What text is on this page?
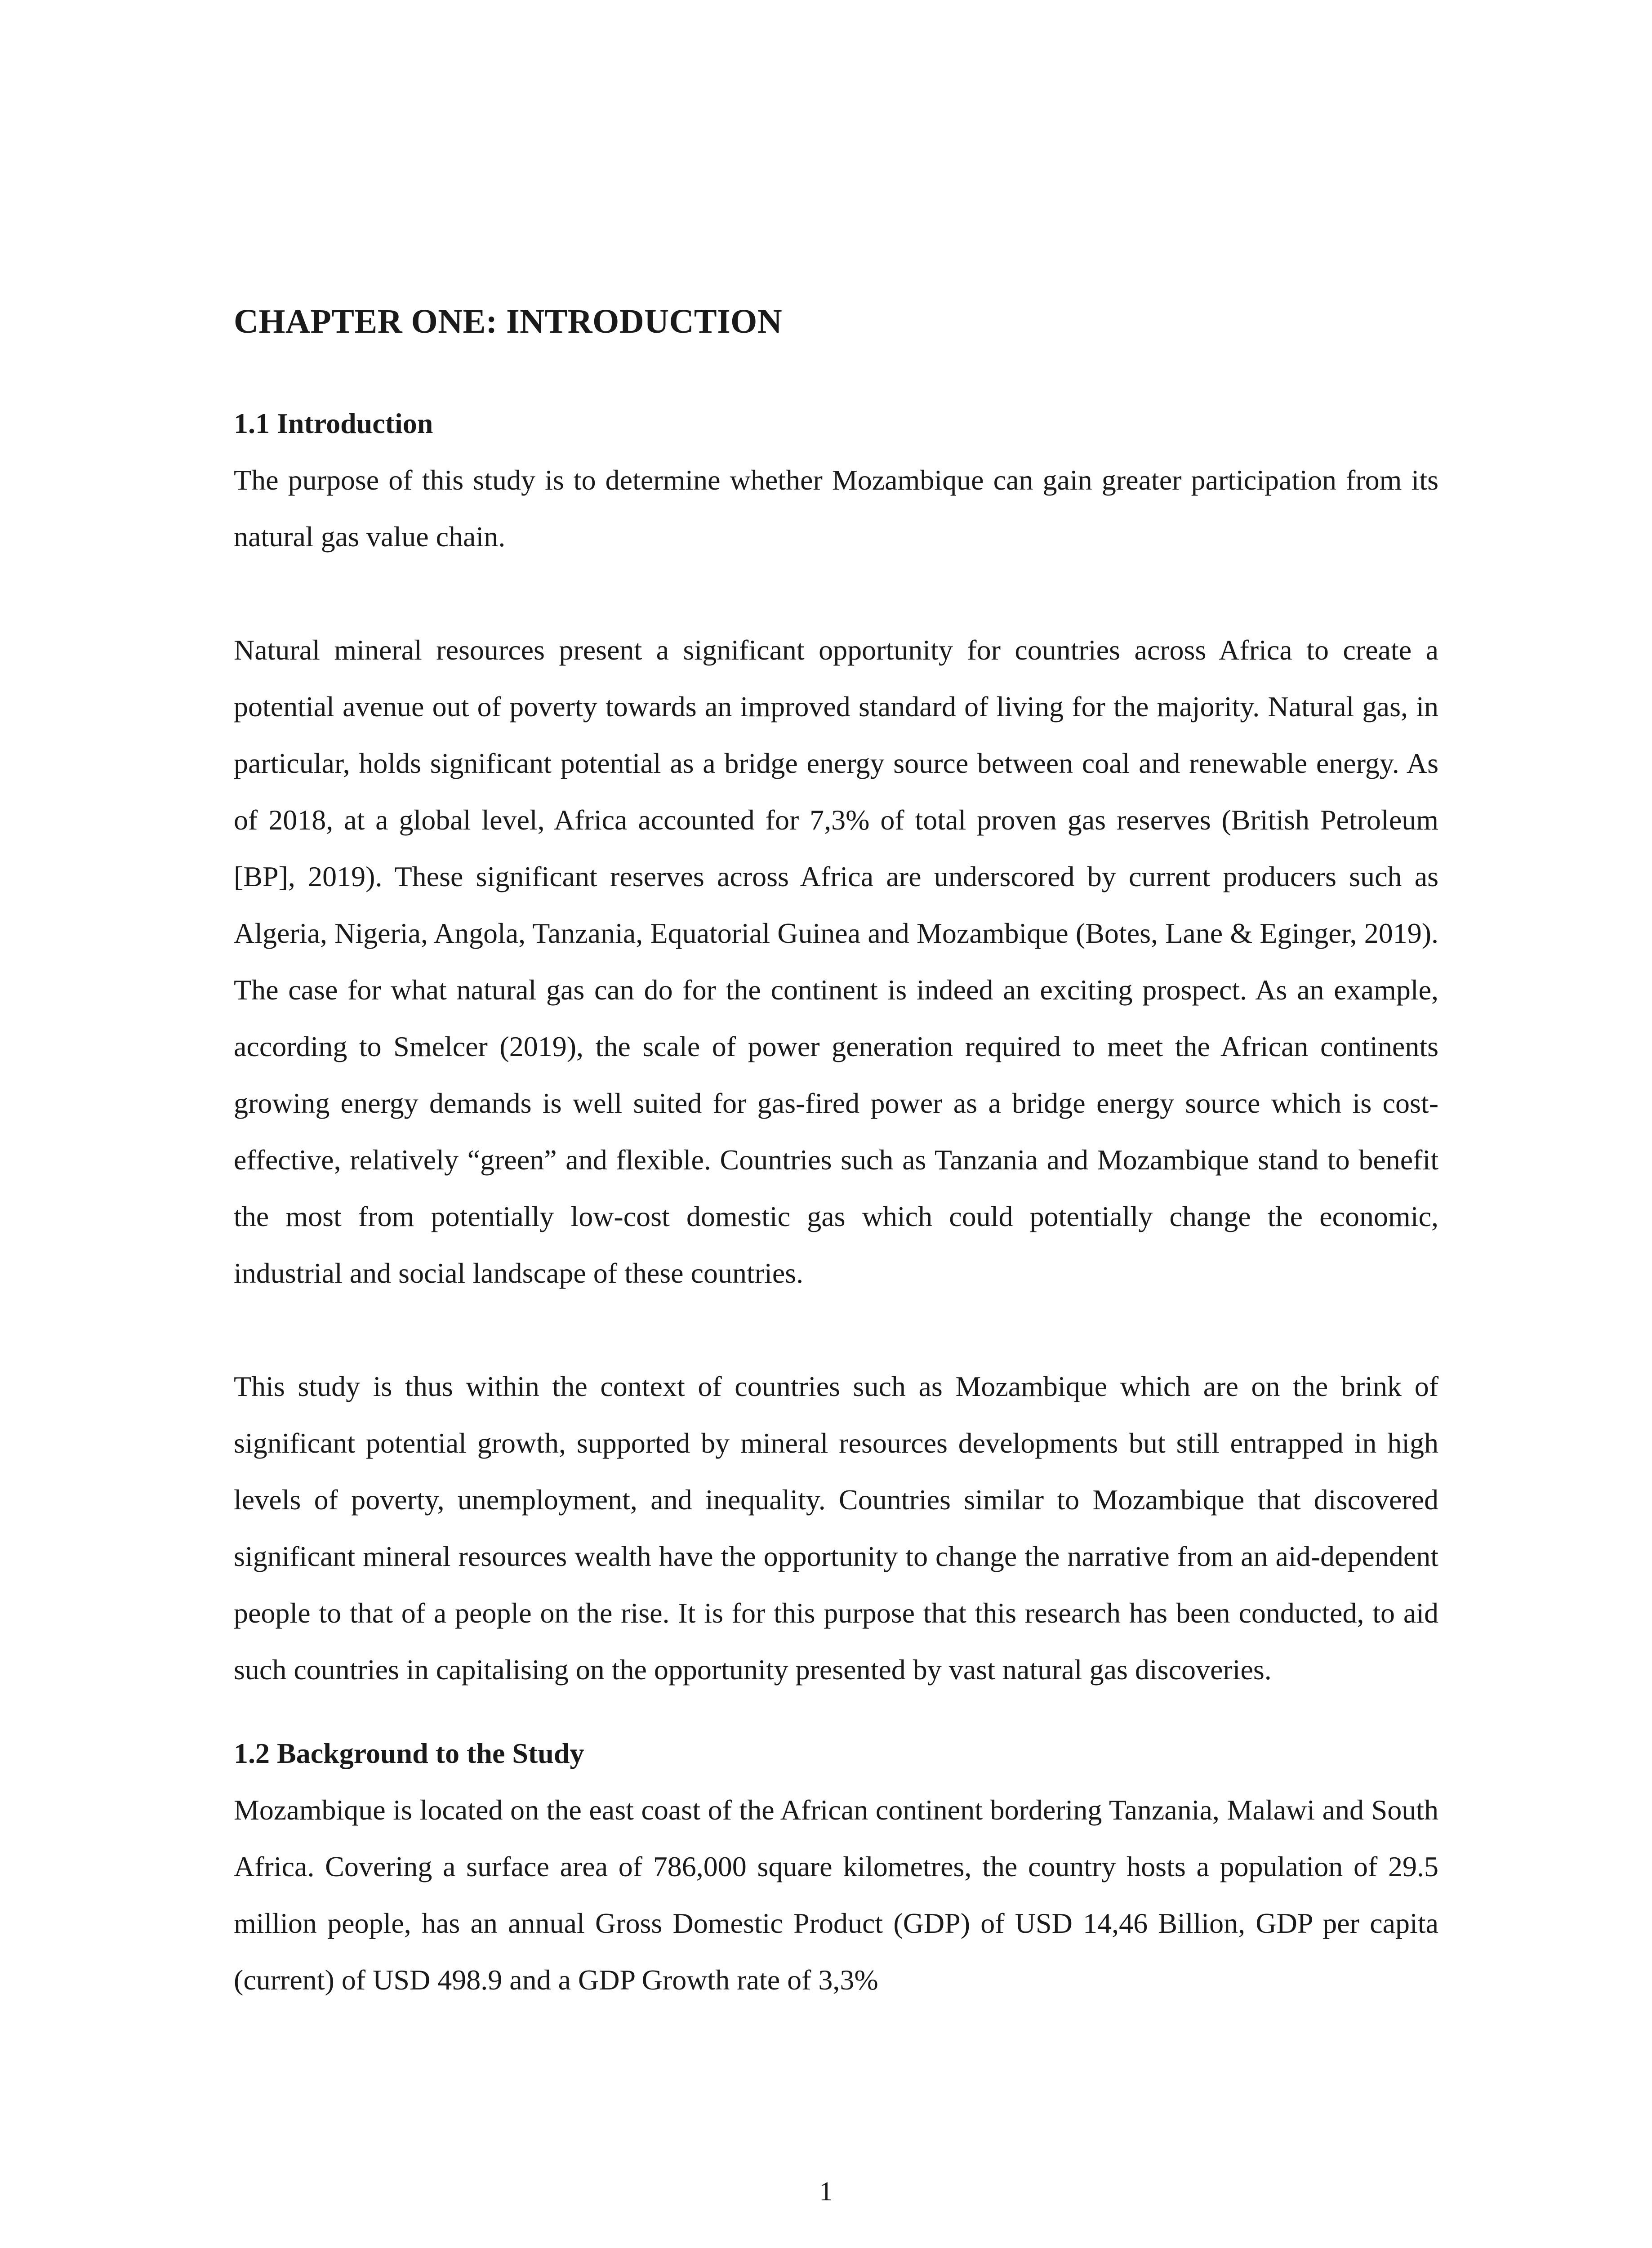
CHAPTER ONE: INTRODUCTION
1.1 Introduction

The purpose of this study is to determine whether Mozambique can gain greater participation from its natural gas value chain.

Natural mineral resources present a significant opportunity for countries across Africa to create a potential avenue out of poverty towards an improved standard of living for the majority. Natural gas, in particular, holds significant potential as a bridge energy source between coal and renewable energy. As of 2018, at a global level, Africa accounted for 7,3% of total proven gas reserves (British Petroleum [BP], 2019). These significant reserves across Africa are underscored by current producers such as Algeria, Nigeria, Angola, Tanzania, Equatorial Guinea and Mozambique (Botes, Lane & Eginger, 2019). The case for what natural gas can do for the continent is indeed an exciting prospect. As an example, according to Smelcer (2019), the scale of power generation required to meet the African continents growing energy demands is well suited for gas-fired power as a bridge energy source which is cost-effective, relatively “green” and flexible. Countries such as Tanzania and Mozambique stand to benefit the most from potentially low-cost domestic gas which could potentially change the economic, industrial and social landscape of these countries.

This study is thus within the context of countries such as Mozambique which are on the brink of significant potential growth, supported by mineral resources developments but still entrapped in high levels of poverty, unemployment, and inequality. Countries similar to Mozambique that discovered significant mineral resources wealth have the opportunity to change the narrative from an aid-dependent people to that of a people on the rise. It is for this purpose that this research has been conducted, to aid such countries in capitalising on the opportunity presented by vast natural gas discoveries.

1.2 Background to the Study

Mozambique is located on the east coast of the African continent bordering Tanzania, Malawi and South Africa. Covering a surface area of 786,000 square kilometres, the country hosts a population of 29.5 million people, has an annual Gross Domestic Product (GDP) of USD 14,46 Billion, GDP per capita (current) of USD 498.9 and a GDP Growth rate of 3,3%

1
